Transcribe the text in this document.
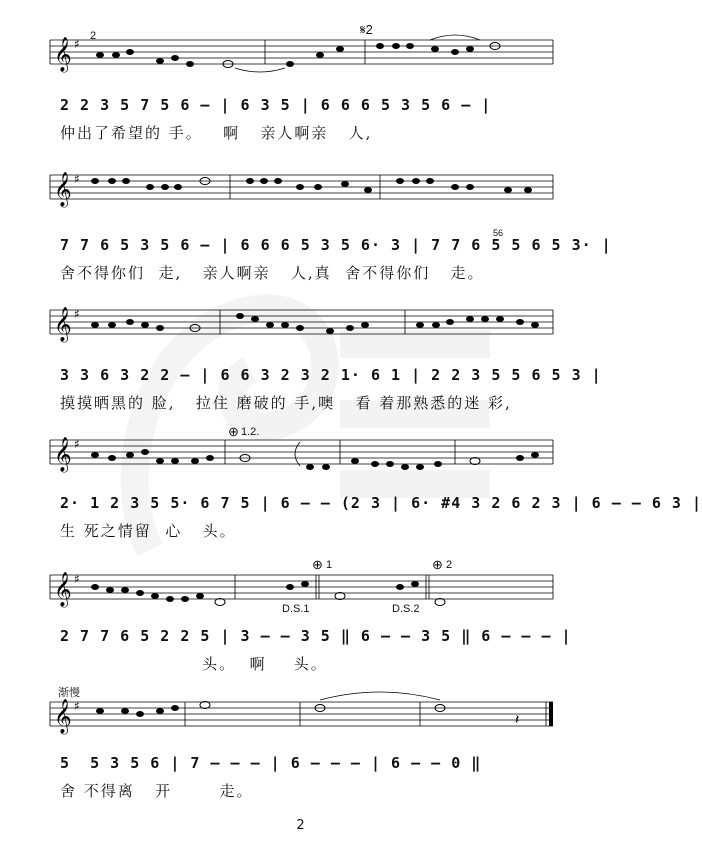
𝄞 ♯
𝄋2
2
2 2 3 5 7 5 6 – | 6 3 5 | 6 6 6 5 3 5 6 – |
仲出了希望的 手。   啊   亲人啊亲   人,
𝄞 ♯
56
7 7 6 5 3 5 6 – | 6 6 6 5 3 5 6· 3 | 7 7 6 5 5 6 5 3· |
舍不得你们  走,   亲人啊亲   人,真  舍不得你们   走。
𝄞 ♯
3 3 6 3 2 2 – | 6 6 3 2 3 2 1· 6 1 | 2 2 3 5 5 6 5 3 |
摸摸晒黑的 脸,   拉住 磨破的 手,噢   看 着那熟悉的迷 彩,
𝄞 ♯
⊕ 1.2.
2· 1 2 3 5 5· 6 7 5 | 6 – – (2 3 | 6· #4 3 2 6 2 3 | 6 – – 6 3 |
生 死之情留  心   头。
𝄞 ♯
⊕ 1	⊕ 2
D.S.1	D.S.2
2 7 7 6 5 2 2 5 | 3 – – 3 5 ‖ 6 – – 3 5 ‖ 6 – – – |
头。  啊    头。
𝄞 ♯
𝄽
渐慢
5  5 3 5 6 | 7 – – – | 6 – – – | 6 – – 0 ‖
舍 不得离   开       走。
2
